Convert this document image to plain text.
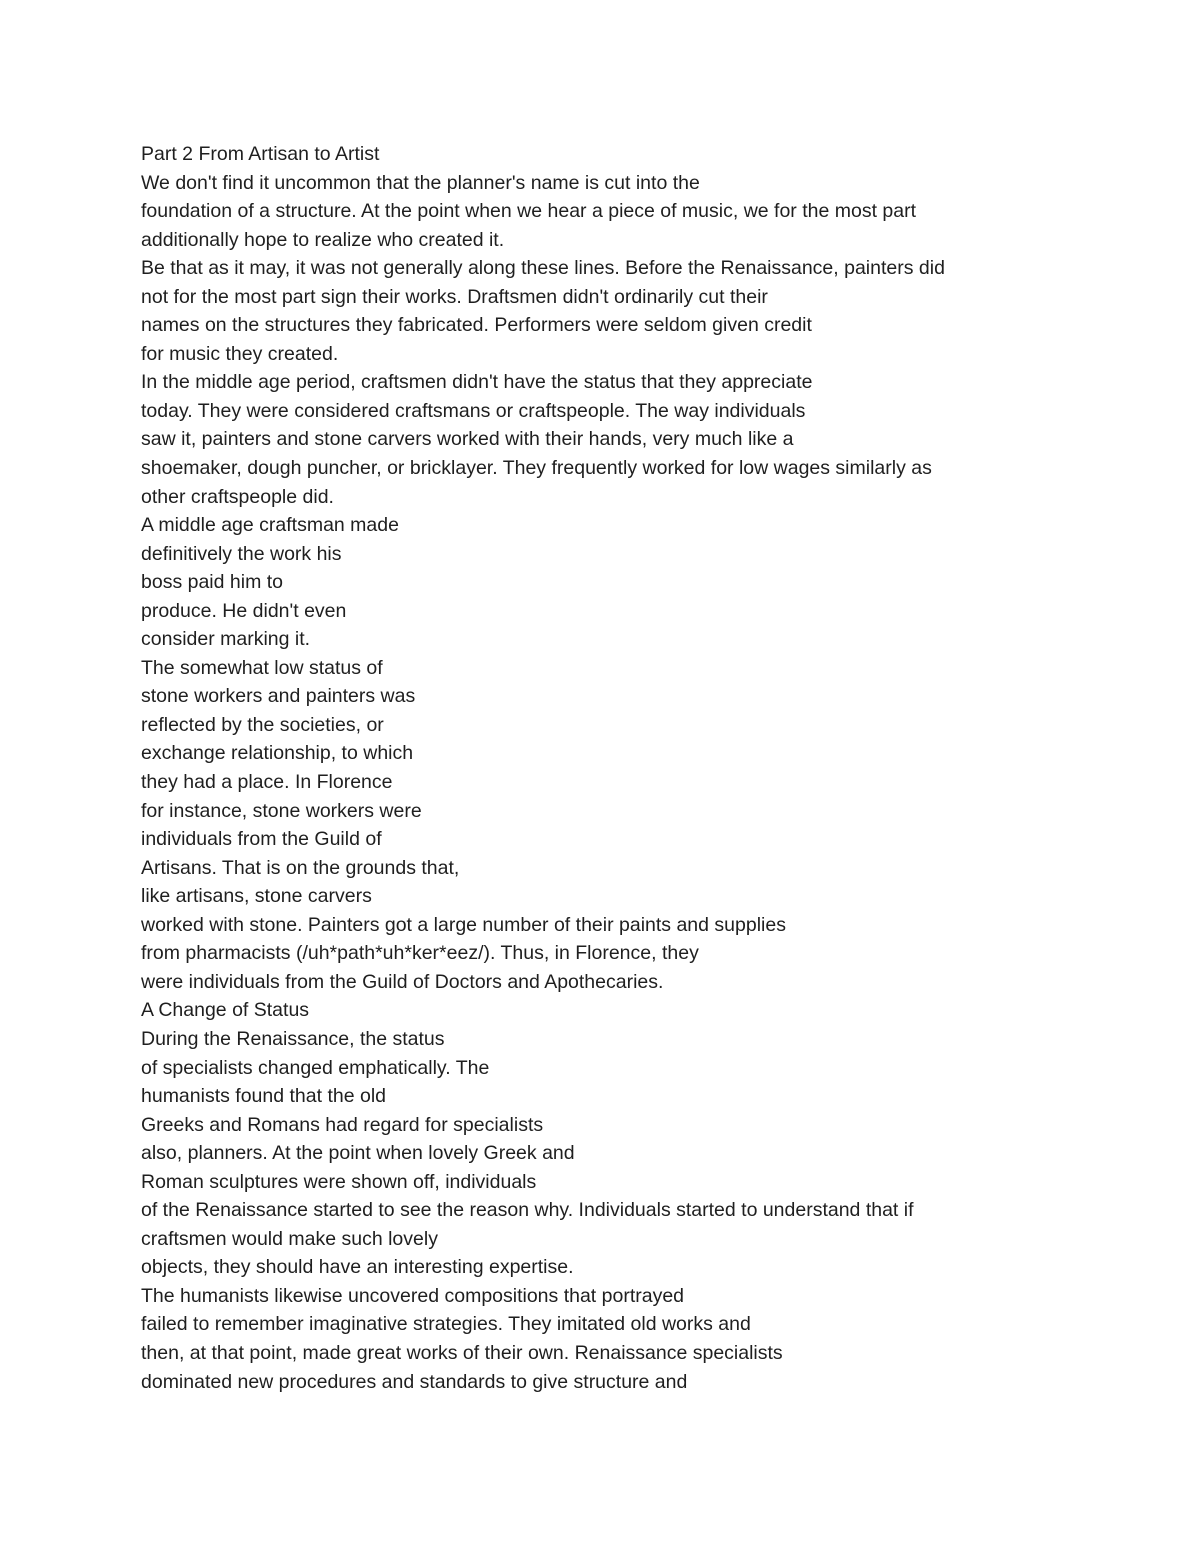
Part 2 From Artisan to Artist
We don't find it uncommon that the planner's name is cut into the
foundation of a structure. At the point when we hear a piece of music, we for the most part
additionally hope to realize who created it.
Be that as it may, it was not generally along these lines. Before the Renaissance, painters did
not for the most part sign their works. Draftsmen didn't ordinarily cut their
names on the structures they fabricated. Performers were seldom given credit
for music they created.
In the middle age period, craftsmen didn't have the status that they appreciate
today. They were considered craftsmans or craftspeople. The way individuals
saw it, painters and stone carvers worked with their hands, very much like a
shoemaker, dough puncher, or bricklayer. They frequently worked for low wages similarly as
other craftspeople did.
A middle age craftsman made
definitively the work his
boss paid him to
produce. He didn't even
consider marking it.
The somewhat low status of
stone workers and painters was
reflected by the societies, or
exchange relationship, to which
they had a place. In Florence
for instance, stone workers were
individuals from the Guild of
Artisans. That is on the grounds that,
like artisans, stone carvers
worked with stone. Painters got a large number of their paints and supplies
from pharmacists (/uh*path*uh*ker*eez/). Thus, in Florence, they
were individuals from the Guild of Doctors and Apothecaries.
A Change of Status
During the Renaissance, the status
of specialists changed emphatically. The
humanists found that the old
Greeks and Romans had regard for specialists
also, planners. At the point when lovely Greek and
Roman sculptures were shown off, individuals
of the Renaissance started to see the reason why. Individuals started to understand that if
craftsmen would make such lovely
objects, they should have an interesting expertise.
The humanists likewise uncovered compositions that portrayed
failed to remember imaginative strategies. They imitated old works and
then, at that point, made great works of their own. Renaissance specialists
dominated new procedures and standards to give structure and
